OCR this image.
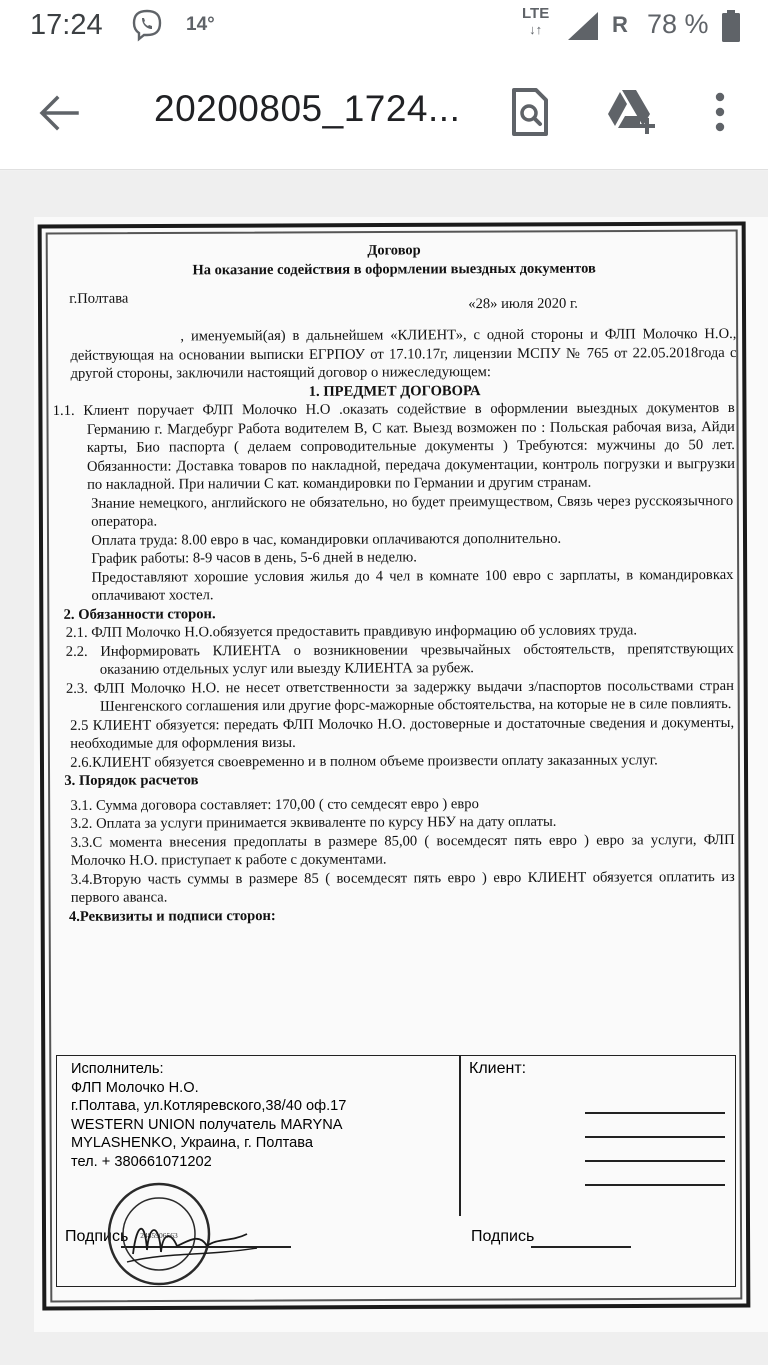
17:24	14°
LTE
↓↑	R 78 %
20200805_1724...

Договор

На оказание содействия в оформлении выездных документов

г.Полтава	«28» июля 2020 г.

, именуемый(ая) в дальнейшем «КЛИЕНТ», с одной стороны и ФЛП Молочко Н.О., действующая на основании выписки ЕГРПОУ от 17.10.17г, лицензии МСПУ № 765 от 22.05.2018года с другой стороны, заключили настоящий договор о нижеследующем:

1. ПРЕДМЕТ ДОГОВОРА

1.1. Клиент поручает ФЛП Молочко Н.О .оказать содействие в оформлении выездных документов в Германию г. Магдебург Работа водителем В, С кат. Выезд возможен по : Польская рабочая виза, Айди карты, Био паспорта ( делаем сопроводительные документы ) Требуются: мужчины до 50 лет. Обязанности: Доставка товаров по накладной, передача документации, контроль погрузки и выгрузки по накладной. При наличии С кат. командировки по Германии и другим странам.

Знание немецкого, английского не обязательно, но будет преимуществом, Связь через русскоязычного оператора.

Оплата труда: 8.00 евро в час, командировки оплачиваются дополнительно.

График работы: 8-9 часов в день, 5-6 дней в неделю.

Предоставляют хорошие условия жилья до 4 чел в комнате 100 евро с зарплаты, в командировках оплачивают хостел.

2. Обязанности сторон.

2.1. ФЛП Молочко Н.О.обязуется предоставить правдивую информацию об условиях труда.

2.2. Информировать КЛИЕНТА о возникновении чрезвычайных обстоятельств, препятствующих оказанию отдельных услуг или выезду КЛИЕНТА за рубеж.

2.3. ФЛП Молочко Н.О. не несет ответственности за задержку выдачи з/паспортов посольствами стран Шенгенского соглашения или другие форс-мажорные обстоятельства, на которые не в силе повлиять.

2.5 КЛИЕНТ обязуется: передать ФЛП Молочко Н.О. достоверные и достаточные сведения и документы, необходимые для оформления визы.

2.6.КЛИЕНТ обязуется своевременно и в полном объеме произвести оплату заказанных услуг.

3. Порядок расчетов

3.1. Сумма договора составляет: 170,00 ( сто семдесят евро ) евро

3.2. Оплата за услуги принимается эквиваленте по курсу НБУ на дату оплаты.

3.3.С момента внесения предоплаты в размере 85,00 ( восемдесят пять евро ) евро за услуги, ФЛП Молочко Н.О. приступает к работе с документами.

3.4.Вторую часть суммы в размере 85 ( восемдесят пять евро ) евро КЛИЕНТ обязуется оплатить из первого аванса.

4.Реквизиты и подписи сторон:

Исполнитель:
ФЛП Молочко Н.О.
г.Полтава, ул.Котляревского,38/40 оф.17
WESTERN UNION получатель MARYNA
MYLASHENKO, Украина, г. Полтава
тел. + 380661071202
Клиент:
Подпись	Подпись
2485906563
